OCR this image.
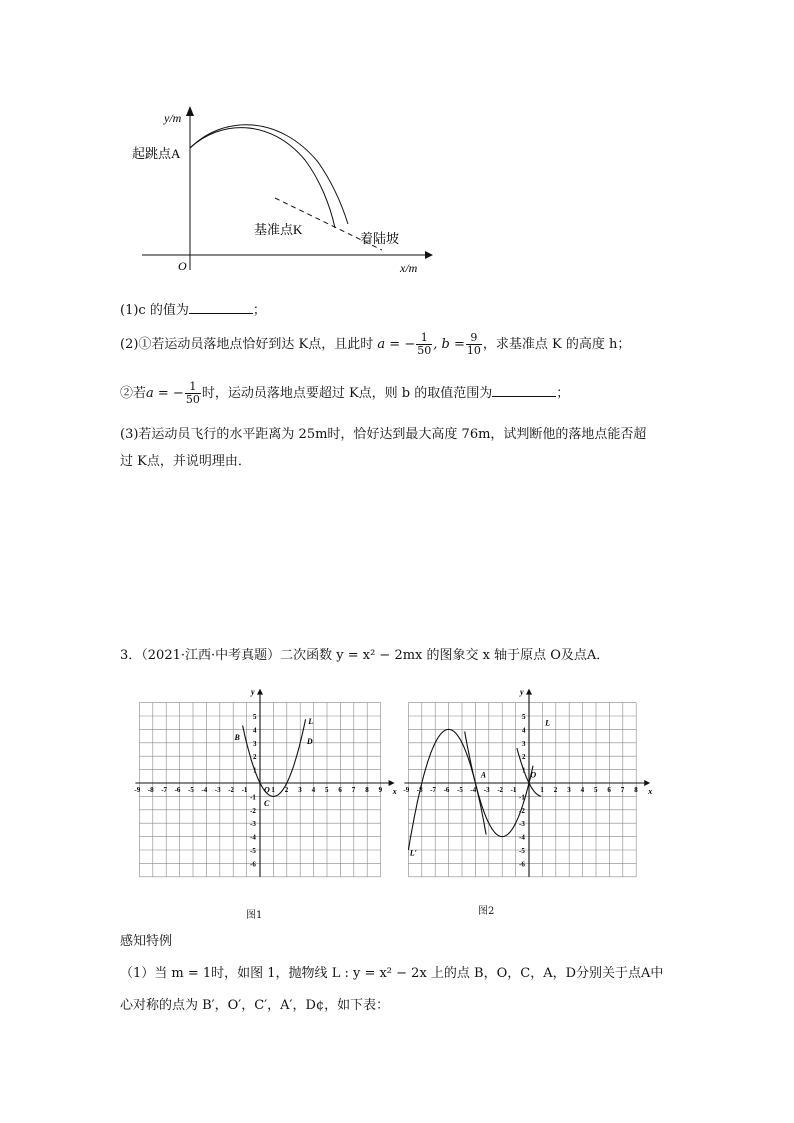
y/m
x/m
O
起跳点A
基准点K
着陆坡
(1)c 的值为	；
(2)①若运动员落地点恰好到达 K点，且此时 a = − $\frac{1}{50}$ , $b = \frac{9}{10}$ ，求基准点 K 的高度 h；
②若a = − $\frac{1}{50}$ 时，运动员落地点要超过 K点，则 b 的取值范围为	；
(3)若运动员飞行的水平距离为 25m时，恰好达到最大高度 76m，试判断他的落地点能否超
过 K点，并说明理由．
3．（2021·江西·中考真题）二次函数 y = x² − 2mx 的图象交 x 轴于原点 O及点A．
x
y
-9 -8 -7 -6 -5 -4 -3 -2 -1	1 2 3 4 5 6 7 8 9
5
4
3
2
1
-1
-2
-3
-4
-5
-6
L
B	D
O
C
x
y
-9 -8 -7 -6 -5 -4 -3 -2 -1	1 2 3 4 5 6 7 8
5
4
3
2
1
-1
-2
-3
-4
-5
-6
L
L′
A	O
图1	图2
感知特例
（1）当 m = 1时，如图 1，抛物线 L : y = x² − 2x 上的点 B，O，C，A，D分别关于点A中
心对称的点为 B′，O′，C′，A′，D¢，如下表：
